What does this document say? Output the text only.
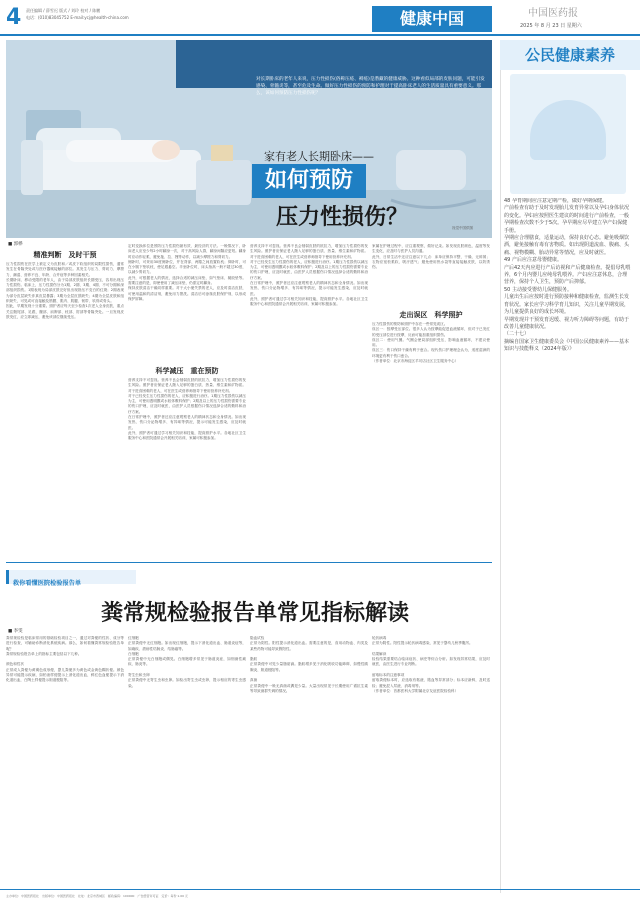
4 责任编辑 / 薛雪迟 版式 / 刘玲 校对 / 陈鹏
电话：(010)83045752 E-mail:ycj@health-china.com	健康中国	中国医药报
2025 年 8 月 23 日 星期六
对长期卧床的老年人来说，压力性损伤(俗称压疮、褥疮)是潜藏的健康威胁。这种看似局部的皮肤问题，可能引发感染、骨髓炎等，甚至危及生命。做好压力性损伤的预防和护理对于提高卧床老人的生活质量具有重要意义。那么，该如何预防压力性损伤呢？
家有老人长期卧床——
如何预防
压力性损伤？	视觉中国供图
■ 郭桦
精准判断　及时干预
压力性损伤在医学上被定义为皮肤和／或皮下软组织的局限性损伤，通常发生在骨隆突处或与医疗器械接触的部位。其发生与压力、剪切力、摩擦力、潮湿、营养不良、年龄、合并症等多种因素相关。
长期卧床、移动受限的老年人，由于局部皮肤组织长期受压，容易出现压力性损伤。临床上，压力性损伤分为1期、2期、3期、4期、不可分期和深部组织损伤。1期表现为局部皮肤完好但出现指压不变白的红斑；2期表现为部分皮层缺失伴真皮层暴露；3期为全层皮肤缺失；4期为全层皮肤和组织缺失，可见或可直接触及筋膜、肌肉、肌腱、韧带、软骨或骨头。
因此，早期发现十分重要。照护者应每天至少检查1次老人全身皮肤，重点关注骶尾部、足跟、髋部、肩胛部、枕部、肘部等骨隆突处。一旦发现皮肤发红，应立即减压，避免该部位继续受压。
定时变换体位是预防压力性损伤最有效、最经济的方法。一般情况下，卧床老人应至少每2小时翻身一次，对于高风险人群，翻身间隔应更短。翻身时应动作轻柔，避免拖、拉、拽等动作，以减少摩擦力和剪切力。
侧卧时，可采用30度侧卧位，并在背部、两膝之间放置软枕；仰卧时，可在小腿下垫软枕，使足跟悬空。半坐卧位时，床头抬高一般不超过30度，以减少剪切力。
此外，可根据老人的情况，选择合适的减压床垫，如气垫床、凝胶垫等。需要注意的是，即使使用了减压床垫，仍需定时翻身。
保持皮肤清洁干燥同样重要。对于大小便失禁的老人，应及时清洁皮肤，可使用温和的清洁剂，避免用力擦洗。清洁后可涂抹皮肤保护剂，以形成保护屏障。
科学减压　重在预防
营养支持不可忽视。营养不良会削弱皮肤的抵抗力，增加压力性损伤的发生风险。照护者应保证老人摄入足够的蛋白质、热量、维生素和矿物质。对于进食困难的老人，可在医生或营养师指导下使用营养补充剂。
对于已经发生压力性损伤的老人，应积极进行治疗。1期压力性损伤以减压为主，可使用透明膜或水胶体敷料保护；2期及以上的压力性损伤需要专业的伤口护理，应及时就医，由医护人员根据伤口情况选择合适的敷料和治疗方案。
在日常护理中，照护者还应注意观察老人的精神状态和全身情况。如出现发热、伤口分泌物增多、有异味等情况，提示可能发生感染，应及时就医。
此外，照护者可通过学习相关知识和技能，提高照护水平。各地社区卫生服务中心和医院通常会开展相关培训，家属可积极参加。
营养支持不可忽视。营养不良会削弱皮肤的抵抗力，增加压力性损伤的发生风险。照护者应保证老人摄入足够的蛋白质、热量、维生素和矿物质。对于进食困难的老人，可在医生或营养师指导下使用营养补充剂。
对于已经发生压力性损伤的老人，应积极进行治疗。1期压力性损伤以减压为主，可使用透明膜或水胶体敷料保护；2期及以上的压力性损伤需要专业的伤口护理，应及时就医，由医护人员根据伤口情况选择合适的敷料和治疗方案。
在日常护理中，照护者还应注意观察老人的精神状态和全身情况。如出现发热、伤口分泌物增多、有异味等情况，提示可能发生感染，应及时就医。
此外，照护者可通过学习相关知识和技能，提高照护水平。各地社区卫生服务中心和医院通常会开展相关培训，家属可积极参加。
家属在护理过程中，应注重观察，做好记录。如发现皮肤颜色、温度等发生变化，应及时与医护人员沟通。
此外，日常生活中还应注意以下几点：床单应保持平整、干燥、无碎屑；衣物应宽松柔软、吸汗透气；避免使用热水袋等直接接触皮肤，以防烫伤。
走出误区　科学照护
压力性损伤的预防和照护中存在一些常见误区。
误区一：按摩受压部位。很多人认为按摩能促进血液循环，但对于已发红的受压部位进行按摩，反而可能加重组织损伤。
误区二：使用气圈。气圈会使局部组织受压，影响血液循环，不建议使用。
误区三：伤口保持干燥有利于愈合。现代伤口护理理念认为，适度湿润的环境更有利于伤口愈合。
（作者单位：北京市海淀区羊坊店社区卫生服务中心）
救你看懂医院检验报告单
粪常规检验报告单常见指标解读
■ 李雯
粪常规检验是临床常用的基础检验项目之一，通过对粪便的性状、成分等进行检查，可辅助诊断消化系统疾病。那么，如何看懂粪常规检验报告单呢？
粪常规检验报告单上的指标主要包括以下几种。

颜色和性状
正常成人粪便为黄褐色成形便，婴儿粪便多为黄色或金黄色糊状便。颜色异常可能提示疾病，如柏油样便提示上消化道出血，鲜红色血便提示下消化道出血，白陶土样便提示胆道梗阻等。
红细胞
正常粪便中无红细胞。如出现红细胞，提示下消化道出血、肠道炎症等，如痢疾、溃疡性结肠炎、结肠癌等。
白细胞
正常粪便中无白细胞或偶见。白细胞增多常见于肠道炎症，如细菌性痢疾、肠炎等。

寄生虫和虫卵
正常粪便中无寄生虫和虫卵。如检出寄生虫或虫卵，提示相应的寄生虫感染。
隐血试验
正常为阴性。阳性提示消化道出血。需要注意的是，食用动物血、肉类及某些药物可能导致假阳性。

脂肪
正常粪便中可见少量脂肪滴。脂肪增多见于消化吸收功能障碍，如慢性胰腺炎、胆道梗阻等。

真菌
正常粪便中一般无真菌或偶见少量。大量出现常见于长期使用广谱抗生素等导致菌群失调的情况。
轮状病毒
正常为阴性。阳性提示轮状病毒感染，常见于婴幼儿秋季腹泻。

结果解读
检验结果需要结合临床症状、病史等综合分析。如发现异常结果，应及时就医，由医生进行专业判断。

留取标本的注意事项
留取粪便标本时，应选取有黏液、脓血等异常部分；标本应新鲜，及时送检；避免混入尿液、消毒剂等。
（作者单位：首都医科大学附属北京友谊医院检验科）
公民健康素养
48 孕育期间应注意定期产检，做好孕期保健。
产前检查有助于及时发现胎儿发育异常以及孕妇身体状况的变化。孕妇应按照医生建议的时间进行产前检查，一般孕期检查次数不少于5次。孕早期应尽早建立孕产妇保健手册。
孕期应合理膳食，适量运动，保持良好心态。避免吸烟饮酒，避免接触有毒有害物质。如出现阴道流血、腹痛、头痛、视物模糊、胎动异常等情况，应及时就医。
49 产后应注意母婴健康。
产后42天内应进行产后访视和产后健康检查。提倡母乳喂养，6个月内婴儿应纯母乳喂养。产妇应注意休息，合理营养，保持个人卫生，预防产后抑郁。
50 主动接受婴幼儿保健服务。
儿童出生后应按时进行预防接种和健康检查，监测生长发育状况。家长应学习科学育儿知识，关注儿童早期发展，为儿童提供良好的成长环境。
早期发现并干预发育迟缓、视力听力障碍等问题，有助于改善儿童健康状况。
（二十七）
摘编自国家卫生健康委员会《中国公民健康素养——基本知识与技能释义（2024年版）》
主办单位：中国医药报社　出版单位：中国医药报社　社址：北京市西城区　邮政编码：100000　广告经营许可证　定价：每份 1.00 元
